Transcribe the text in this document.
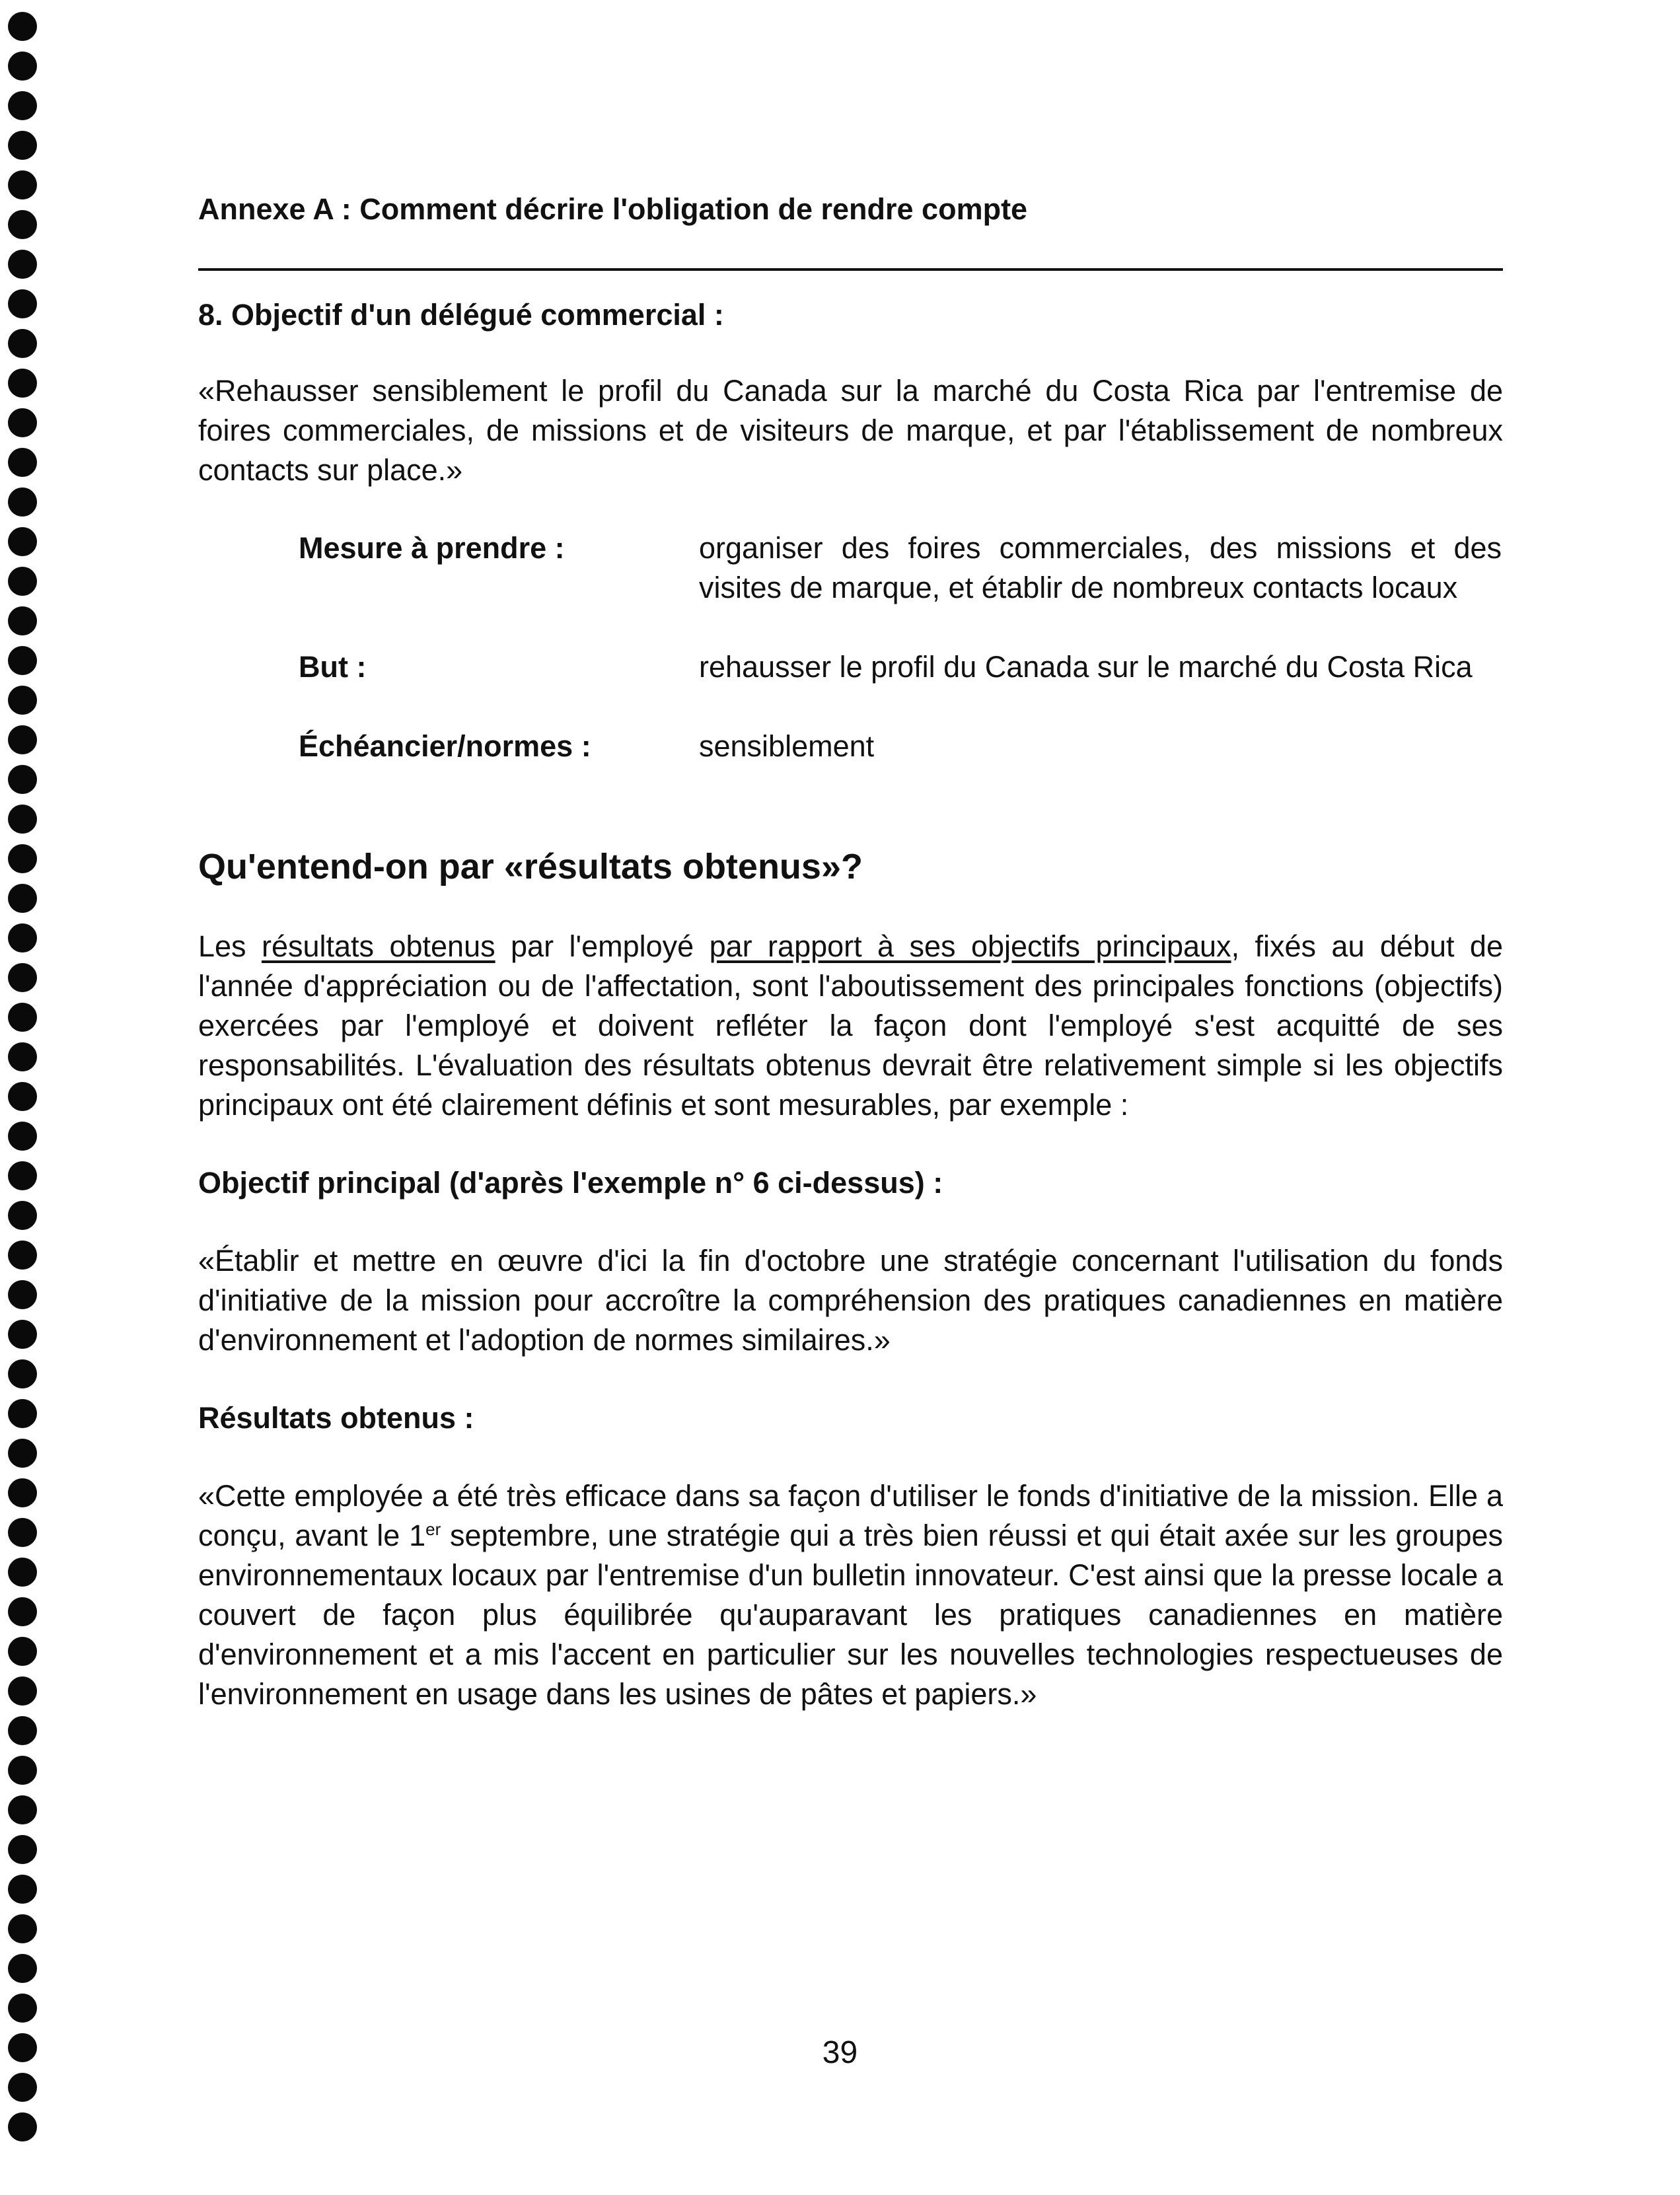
Annexe A : Comment décrire l'obligation de rendre compte
8. Objectif d'un délégué commercial :

«Rehausser sensiblement le profil du Canada sur la marché du Costa Rica par l'entremise de foires commerciales, de missions et de visiteurs de marque, et par l'établissement de nombreux contacts sur place.»

Mesure à prendre :	organiser des foires commerciales, des missions et des visites de marque, et établir de nombreux contacts locaux
But :	rehausser le profil du Canada sur le marché du Costa Rica
Échéancier/normes :	sensiblement
Qu'entend-on par «résultats obtenus»?

Les résultats obtenus par l'employé par rapport à ses objectifs principaux, fixés au début de l'année d'appréciation ou de l'affectation, sont l'aboutissement des principales fonctions (objectifs) exercées par l'employé et doivent refléter la façon dont l'employé s'est acquitté de ses responsabilités. L'évaluation des résultats obtenus devrait être relativement simple si les objectifs principaux ont été clairement définis et sont mesurables, par exemple :

Objectif principal (d'après l'exemple n° 6 ci-dessus) :

«Établir et mettre en œuvre d'ici la fin d'octobre une stratégie concernant l'utilisation du fonds d'initiative de la mission pour accroître la compréhension des pratiques canadiennes en matière d'environnement et l'adoption de normes similaires.»

Résultats obtenus :

«Cette employée a été très efficace dans sa façon d'utiliser le fonds d'initiative de la mission. Elle a conçu, avant le 1er septembre, une stratégie qui a très bien réussi et qui était axée sur les groupes environnementaux locaux par l'entremise d'un bulletin innovateur. C'est ainsi que la presse locale a couvert de façon plus équilibrée qu'auparavant les pratiques canadiennes en matière d'environnement et a mis l'accent en particulier sur les nouvelles technologies respectueuses de l'environnement en usage dans les usines de pâtes et papiers.»

39
